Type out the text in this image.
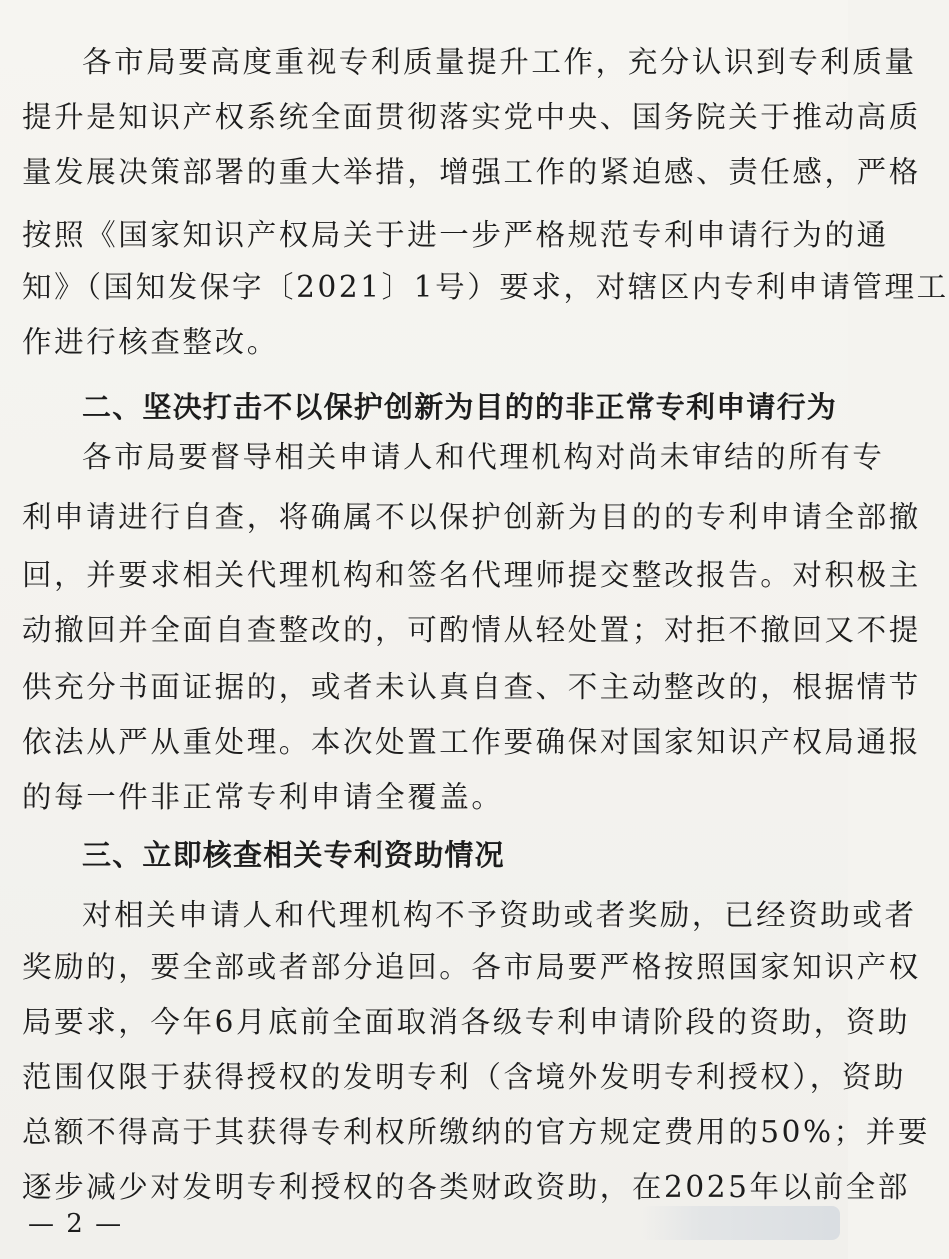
各市局要高度重视专利质量提升工作，充分认识到专利质量
提升是知识产权系统全面贯彻落实党中央、国务院关于推动高质
量发展决策部署的重大举措，增强工作的紧迫感、责任感，严格
按照《国家知识产权局关于进一步严格规范专利申请行为的通
知》（国知发保字〔2021〕1号）要求，对辖区内专利申请管理工
作进行核查整改。
二、坚决打击不以保护创新为目的的非正常专利申请行为
各市局要督导相关申请人和代理机构对尚未审结的所有专
利申请进行自查，将确属不以保护创新为目的的专利申请全部撤
回，并要求相关代理机构和签名代理师提交整改报告。对积极主
动撤回并全面自查整改的，可酌情从轻处置；对拒不撤回又不提
供充分书面证据的，或者未认真自查、不主动整改的，根据情节
依法从严从重处理。本次处置工作要确保对国家知识产权局通报
的每一件非正常专利申请全覆盖。
三、立即核查相关专利资助情况
对相关申请人和代理机构不予资助或者奖励，已经资助或者
奖励的，要全部或者部分追回。各市局要严格按照国家知识产权
局要求，今年6月底前全面取消各级专利申请阶段的资助，资助
范围仅限于获得授权的发明专利（含境外发明专利授权），资助
总额不得高于其获得专利权所缴纳的官方规定费用的50%；并要
逐步减少对发明专利授权的各类财政资助，在2025年以前全部
— 2 —
